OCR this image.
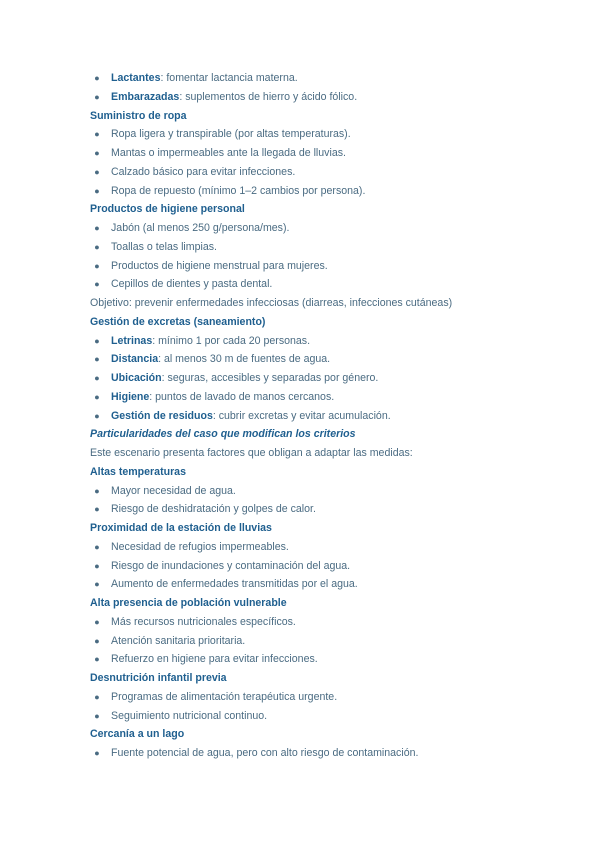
● Lactantes: fomentar lactancia materna.
● Embarazadas: suplementos de hierro y ácido fólico.
Suministro de ropa
● Ropa ligera y transpirable (por altas temperaturas).
● Mantas o impermeables ante la llegada de lluvias.
● Calzado básico para evitar infecciones.
● Ropa de repuesto (mínimo 1–2 cambios por persona).
Productos de higiene personal
● Jabón (al menos 250 g/persona/mes).
● Toallas o telas limpias.
● Productos de higiene menstrual para mujeres.
● Cepillos de dientes y pasta dental.
Objetivo: prevenir enfermedades infecciosas (diarreas, infecciones cutáneas)
Gestión de excretas (saneamiento)
● Letrinas: mínimo 1 por cada 20 personas.
● Distancia: al menos 30 m de fuentes de agua.
● Ubicación: seguras, accesibles y separadas por género.
● Higiene: puntos de lavado de manos cercanos.
● Gestión de residuos: cubrir excretas y evitar acumulación.
Particularidades del caso que modifican los criterios
Este escenario presenta factores que obligan a adaptar las medidas:
Altas temperaturas
● Mayor necesidad de agua.
● Riesgo de deshidratación y golpes de calor.
Proximidad de la estación de lluvias
● Necesidad de refugios impermeables.
● Riesgo de inundaciones y contaminación del agua.
● Aumento de enfermedades transmitidas por el agua.
Alta presencia de población vulnerable
● Más recursos nutricionales específicos.
● Atención sanitaria prioritaria.
● Refuerzo en higiene para evitar infecciones.
Desnutrición infantil previa
● Programas de alimentación terapéutica urgente.
● Seguimiento nutricional continuo.
Cercanía a un lago
● Fuente potencial de agua, pero con alto riesgo de contaminación.
